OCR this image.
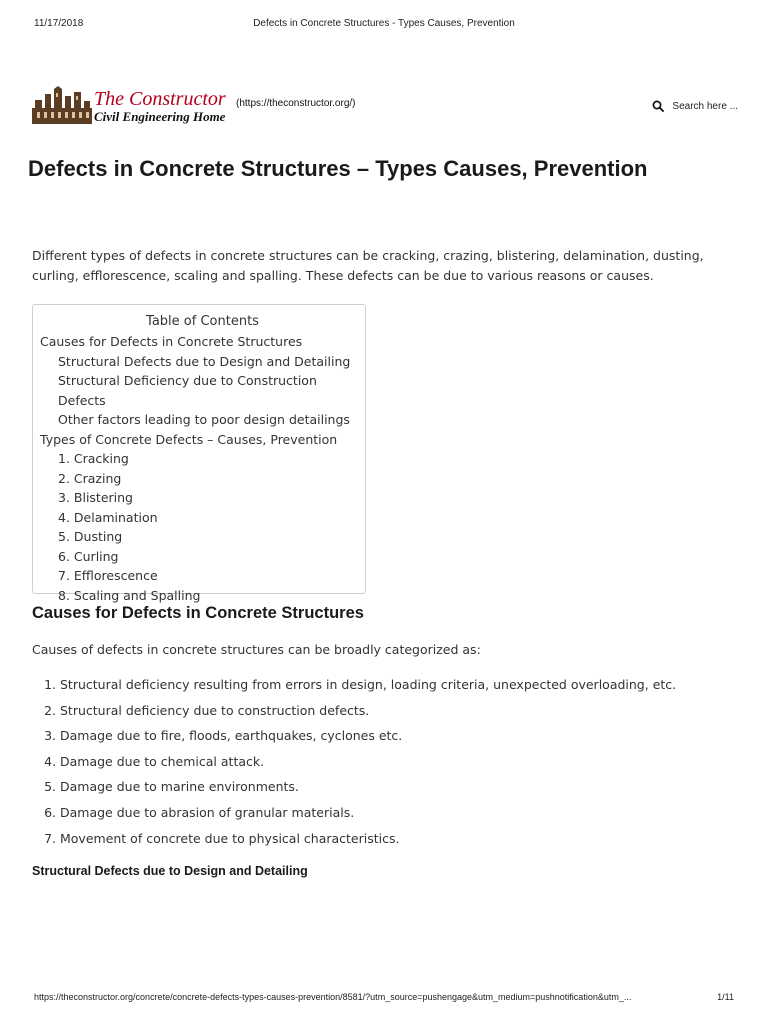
11/17/2018	Defects in Concrete Structures - Types Causes, Prevention
The Constructor
Civil Engineering Home
(https://theconstructor.org/)	Search here ...
Defects in Concrete Structures – Types Causes, Prevention

Different types of defects in concrete structures can be cracking, crazing, blistering, delamination, dusting, curling, efflorescence, scaling and spalling. These defects can be due to various reasons or causes.

Table of Contents
Causes for Defects in Concrete Structures
Structural Defects due to Design and Detailing
Structural Deficiency due to Construction Defects
Other factors leading to poor design detailings
Types of Concrete Defects – Causes, Prevention
1. Cracking
2. Crazing
3. Blistering
4. Delamination
5. Dusting
6. Curling
7. Efflorescence
8. Scaling and Spalling
Causes for Defects in Concrete Structures

Causes of defects in concrete structures can be broadly categorized as:

1. Structural deficiency resulting from errors in design, loading criteria, unexpected overloading, etc.
2. Structural deficiency due to construction defects.
3. Damage due to fire, floods, earthquakes, cyclones etc.
4. Damage due to chemical attack.
5. Damage due to marine environments.
6. Damage due to abrasion of granular materials.
7. Movement of concrete due to physical characteristics.
Structural Defects due to Design and Detailing
https://theconstructor.org/concrete/concrete-defects-types-causes-prevention/8581/?utm_source=pushengage&utm_medium=pushnotification&utm_...	1/11
